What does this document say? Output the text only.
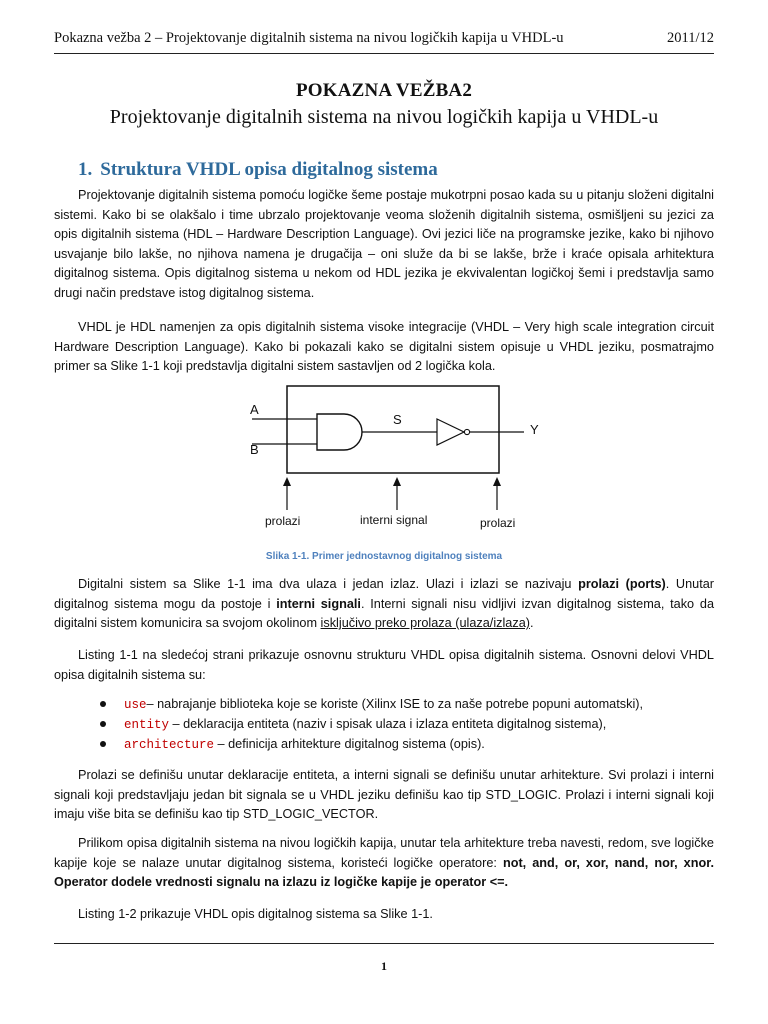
Pokazna vežba 2 – Projektovanje digitalnih sistema na nivou logičkih kapija u VHDL-u	2011/12
POKAZNA VEŽBA2
Projektovanje digitalnih sistema na nivou logičkih kapija u VHDL-u
1. Struktura VHDL opisa digitalnog sistema
Projektovanje digitalnih sistema pomoću logičke šeme postaje mukotrpni posao kada su u pitanju složeni digitalni sistemi. Kako bi se olakšalo i time ubrzalo projektovanje veoma složenih digitalnih sistema, osmišljeni su jezici za opis digitalnih sistema (HDL – Hardware Description Language). Ovi jezici liče na programske jezike, kako bi njihovo usvajanje bilo lakše, no njihova namena je drugačija – oni služe da bi se lakše, brže i kraće opisala arhitektura digitalnog sistema. Opis digitalnog sistema u nekom od HDL jezika je ekvivalentan logičkoj šemi i predstavlja samo drugi način predstave istog digitalnog sistema.
VHDL je HDL namenjen za opis digitalnih sistema visoke integracije (VHDL – Very high scale integration circuit Hardware Description Language). Kako bi pokazali kako se digitalni sistem opisuje u VHDL jeziku, posmatrajmo primer sa Slike 1-1 koji predstavlja digitalni sistem sastavljen od 2 logička kola.
A
B
S
Y
prolazi	interni signal	prolazi
Slika 1-1. Primer jednostavnog digitalnog sistema
Digitalni sistem sa Slike 1-1 ima dva ulaza i jedan izlaz. Ulazi i izlazi se nazivaju prolazi (ports). Unutar digitalnog sistema mogu da postoje i interni signali. Interni signali nisu vidljivi izvan digitalnog sistema, tako da digitalni sistem komunicira sa svojom okolinom isključivo preko prolaza (ulaza/izlaza).
Listing 1-1 na sledećoj strani prikazuje osnovnu strukturu VHDL opisa digitalnih sistema. Osnovni delovi VHDL opisa digitalnih sistema su:
use– nabrajanje biblioteka koje se koriste (Xilinx ISE to za naše potrebe popuni automatski),
entity – deklaracija entiteta (naziv i spisak ulaza i izlaza entiteta digitalnog sistema),
architecture – definicija arhitekture digitalnog sistema (opis).
Prolazi se definišu unutar deklaracije entiteta, a interni signali se definišu unutar arhitekture. Svi prolazi i interni signali koji predstavljaju jedan bit signala se u VHDL jeziku definišu kao tip STD_LOGIC. Prolazi i interni signali koji imaju više bita se definišu kao tip STD_LOGIC_VECTOR.
Prilikom opisa digitalnih sistema na nivou logičkih kapija, unutar tela arhitekture treba navesti, redom, sve logičke kapije koje se nalaze unutar digitalnog sistema, koristeći logičke operatore: not, and, or, xor, nand, nor, xnor. Operator dodele vrednosti signalu na izlazu iz logičke kapije je operator <=.
Listing 1-2 prikazuje VHDL opis digitalnog sistema sa Slike 1-1.
1
